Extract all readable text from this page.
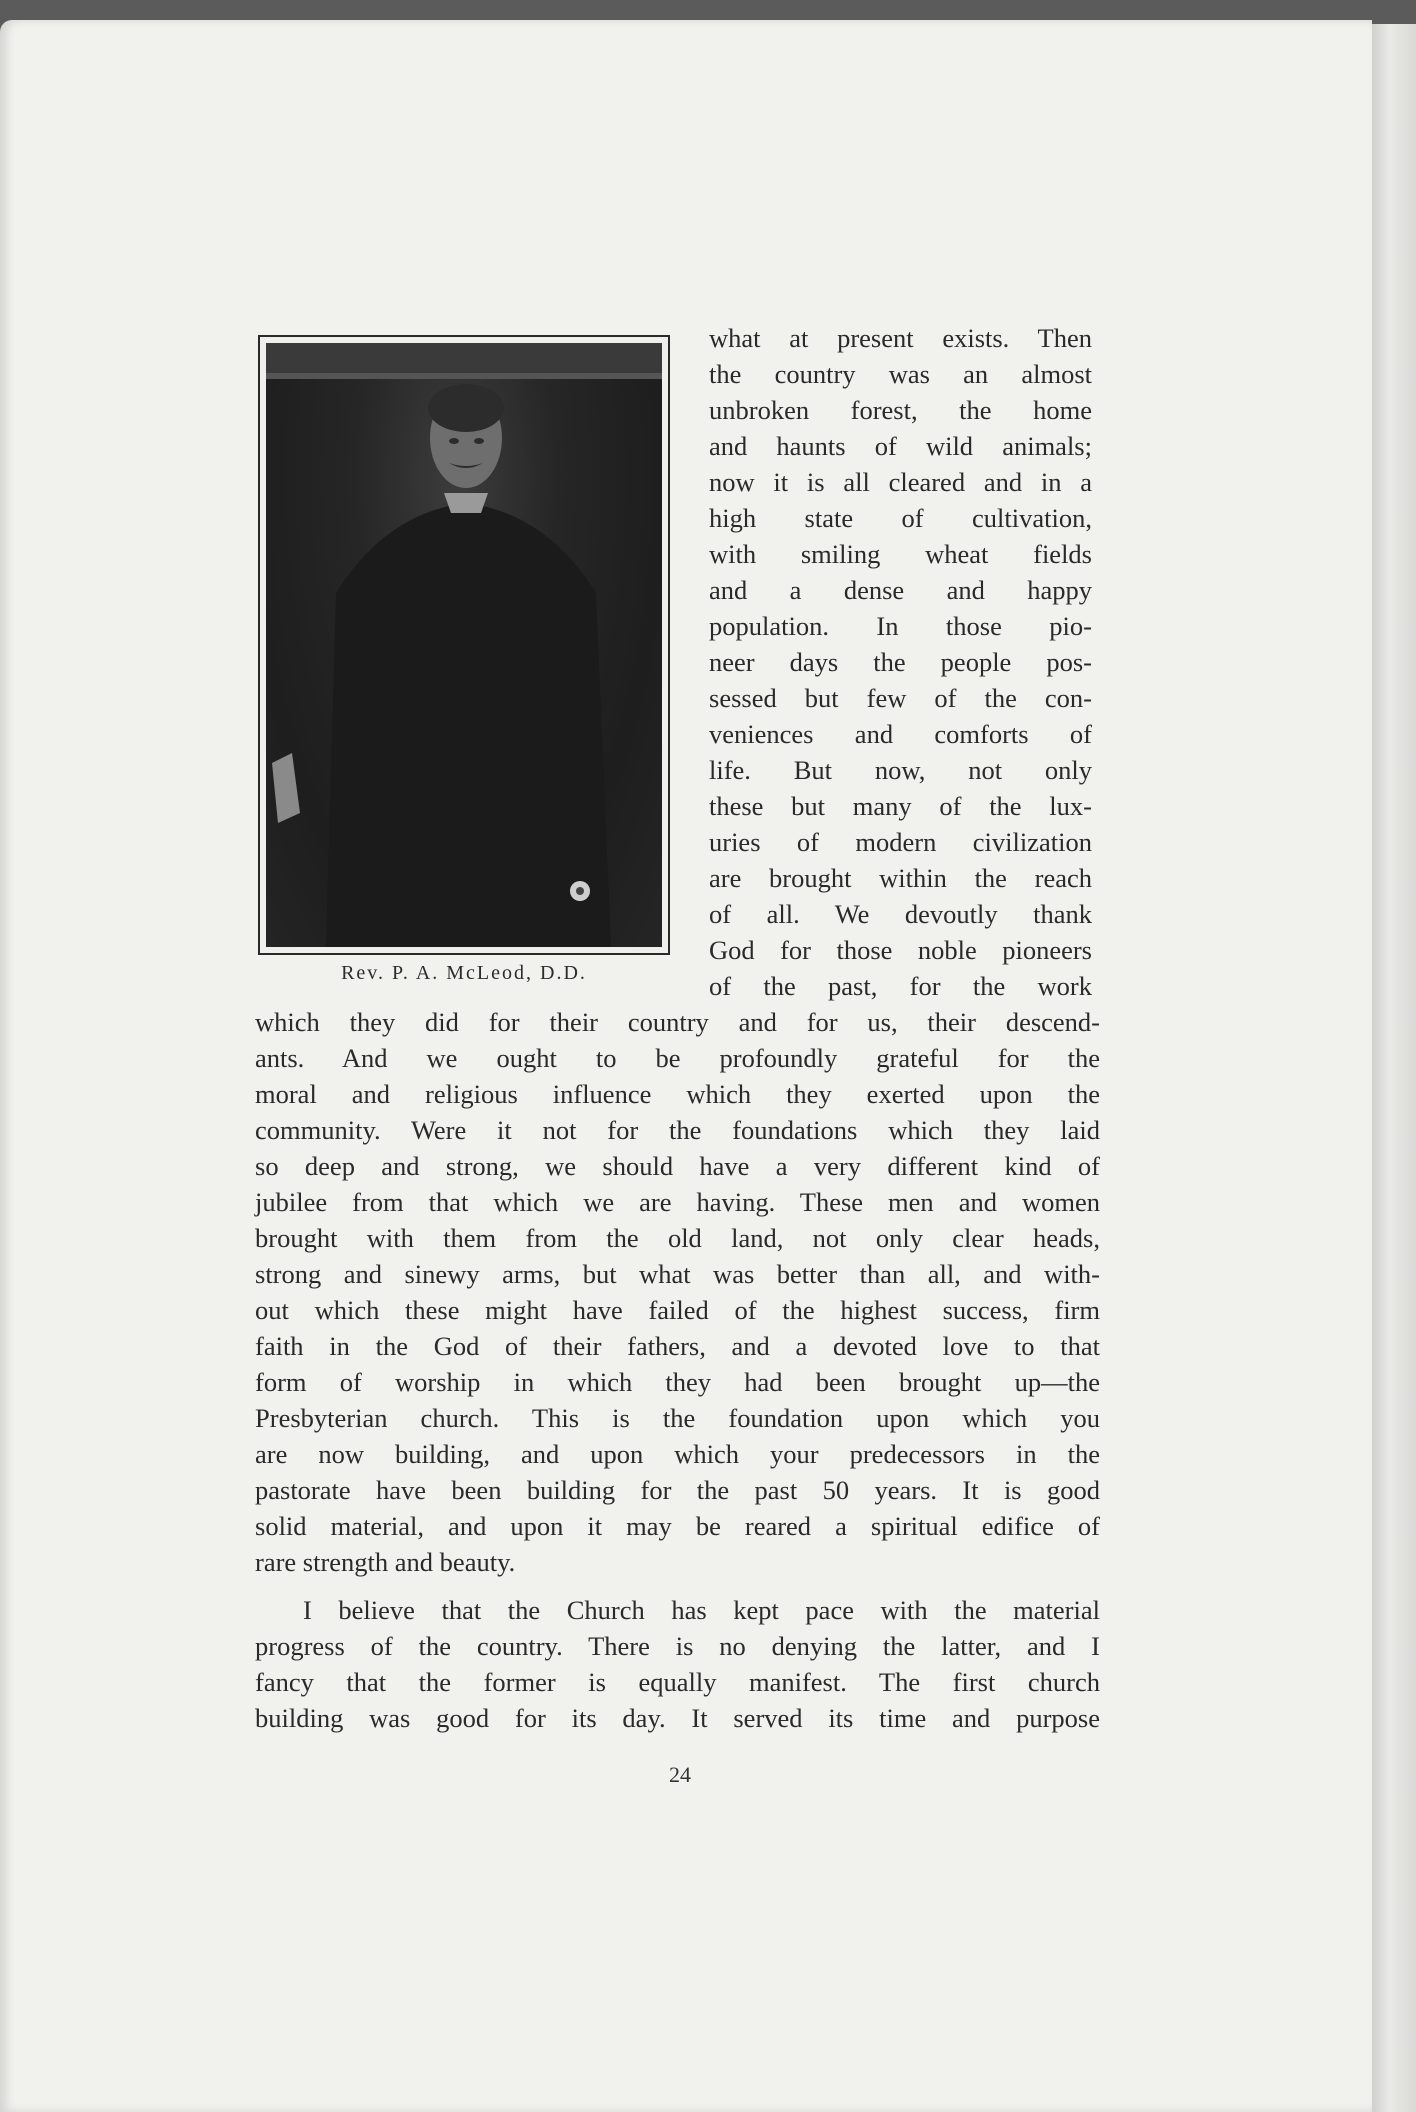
Rev. P. A. McLeod, D.D.
what at present exists. Then
the country was an almost
unbroken forest, the home
and haunts of wild animals;
now it is all cleared and in a
high state of cultivation,
with smiling wheat fields
and a dense and happy
population. In those pio-
neer days the people pos-
sessed but few of the con-
veniences and comforts of
life. But now, not only
these but many of the lux-
uries of modern civilization
are brought within the reach
of all. We devoutly thank
God for those noble pioneers
of the past, for the work
which they did for their country and for us, their descend-
ants. And we ought to be profoundly grateful for the
moral and religious influence which they exerted upon the
community. Were it not for the foundations which they laid
so deep and strong, we should have a very different kind of
jubilee from that which we are having. These men and women
brought with them from the old land, not only clear heads,
strong and sinewy arms, but what was better than all, and with-
out which these might have failed of the highest success, firm
faith in the God of their fathers, and a devoted love to that
form of worship in which they had been brought up—the
Presbyterian church. This is the foundation upon which you
are now building, and upon which your predecessors in the
pastorate have been building for the past 50 years. It is good
solid material, and upon it may be reared a spiritual edifice of
rare strength and beauty.
I believe that the Church has kept pace with the material
progress of the country. There is no denying the latter, and I
fancy that the former is equally manifest. The first church
building was good for its day. It served its time and purpose
24
